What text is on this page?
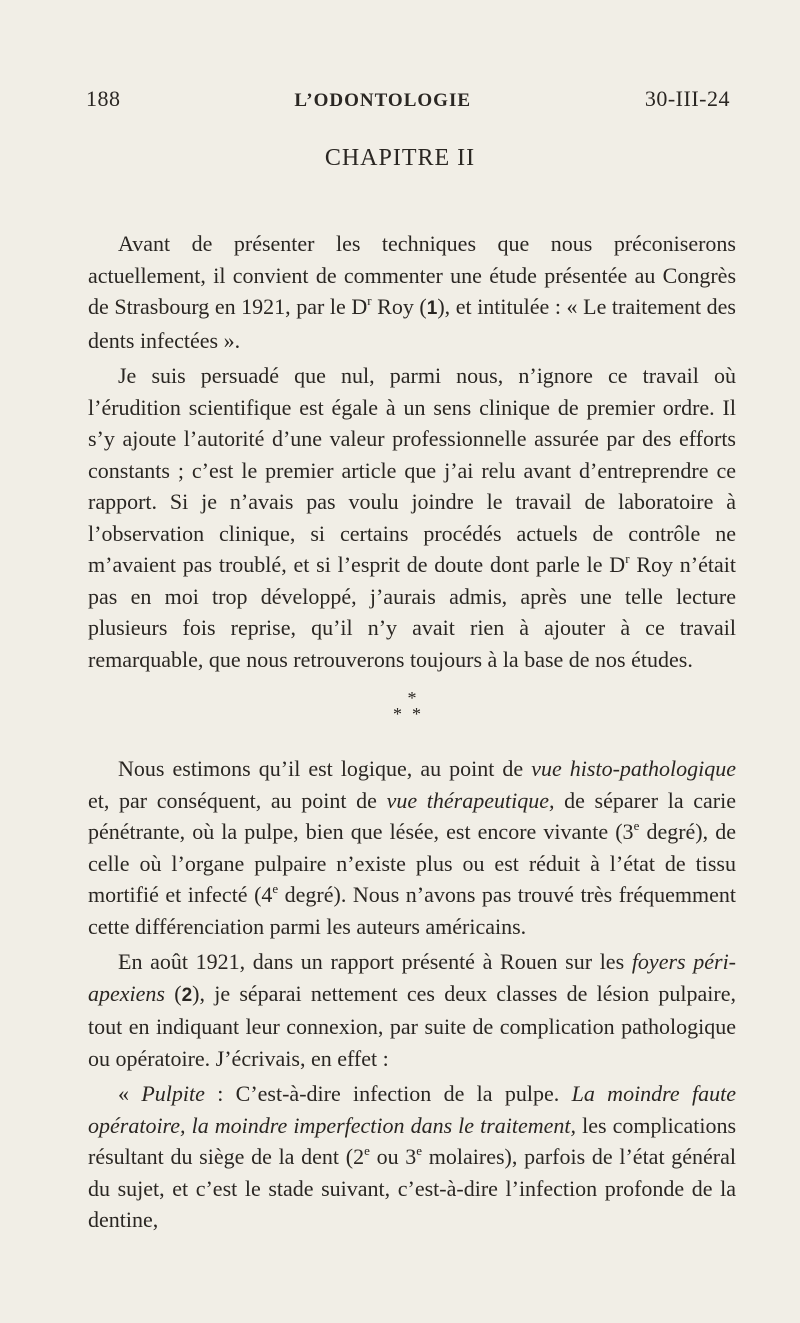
188	L’ODONTOLOGIE	30-III-24
CHAPITRE II

Avant de présenter les techniques que nous préconiserons actuellement, il convient de commenter une étude présentée au Congrès de Strasbourg en 1921, par le $D^r$ Roy (1), et intitulée : « Le traitement des dents infectées ».

Je suis persuadé que nul, parmi nous, n’ignore ce travail où l’érudition scientifique est égale à un sens clinique de premier ordre. Il s’y ajoute l’autorité d’une valeur professionnelle assurée par des efforts constants ; c’est le premier article que j’ai relu avant d’entreprendre ce rapport. Si je n’avais pas voulu joindre le travail de laboratoire à l’observation clinique, si certains procédés actuels de contrôle ne m’avaient pas troublé, et si l’esprit de doute dont parle le $D^r$ Roy n’était pas en moi trop développé, j’aurais admis, après une telle lecture plusieurs fois reprise, qu’il n’y avait rien à ajouter à ce travail remarquable, que nous retrouverons toujours à la base de nos études.

*
**

Nous estimons qu’il est logique, au point de vue histo-pathologique et, par conséquent, au point de vue thérapeutique, de séparer la carie pénétrante, où la pulpe, bien que lésée, est encore vivante (3e degré), de celle où l’organe pulpaire n’existe plus ou est réduit à l’état de tissu mortifié et infecté (4e degré). Nous n’avons pas trouvé très fréquemment cette différenciation parmi les auteurs américains.

En août 1921, dans un rapport présenté à Rouen sur les foyers péri-apexiens (2), je séparai nettement ces deux classes de lésion pulpaire, tout en indiquant leur connexion, par suite de complication pathologique ou opératoire. J’écrivais, en effet :

« Pulpite : C’est-à-dire infection de la pulpe. La moindre faute opératoire, la moindre imperfection dans le traitement, les complications résultant du siège de la dent (2e ou 3e molaires), parfois de l’état général du sujet, et c’est le stade suivant, c’est-à-dire l’infection profonde de la dentine,
